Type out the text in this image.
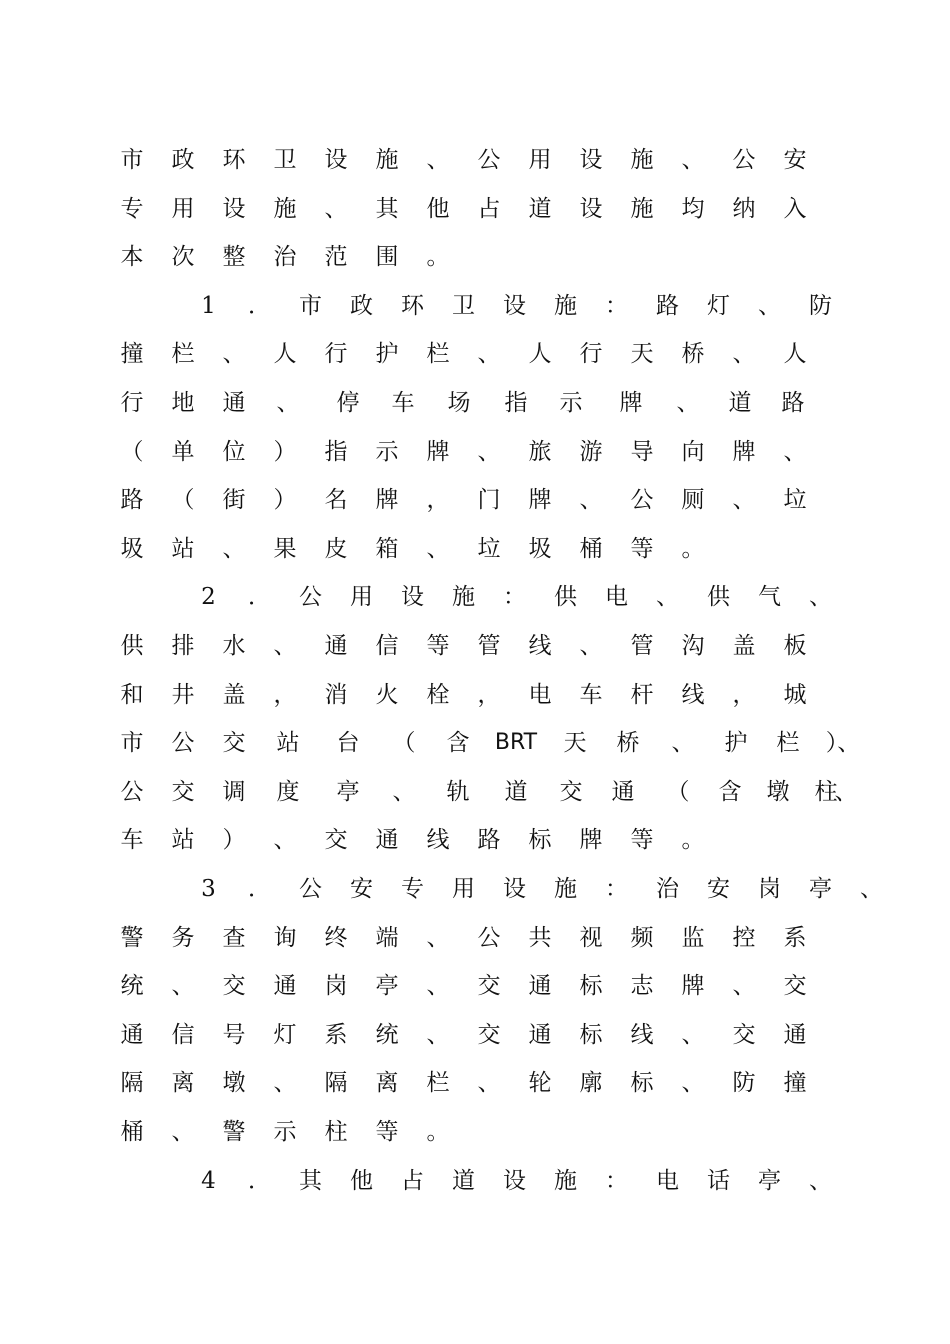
市 政 环 卫 设 施 、 公 用 设 施 、 公 安
专 用 设 施 、 其 他 占 道 设 施 均 纳 入
本 次 整 治 范 围 。
1	． 市 政 环 卫 设 施 ： 路 灯 、 防
撞 栏 、 人 行 护 栏 、 人 行 天 桥 、 人
行 地 通 、 停 车 场 指 示 牌 、 道 路
（ 单 位 ） 指 示 牌 、 旅 游 导 向 牌 、
路 （ 街 ） 名 牌 ， 门 牌 、 公 厕 、 垃
圾 站 、 果 皮 箱 、 垃 圾 桶 等 。
2	． 公 用 设 施 ： 供 电 、 供 气 、
供 排 水 、 通 信 等 管 线 、 管 沟 盖 板
和 井 盖 ， 消 火 栓 ， 电 车 杆 线 ， 城
市 公 交 站 台 （ 含	BRT	天 桥 、 护 栏 ）、
公 交 调 度 亭 、 轨 道 交 通 （ 含 墩 柱
、
车 站 ） 、 交 通 线 路 标 牌 等 。
3	． 公 安 专 用 设 施 ： 治 安 岗 亭 、
警 务 查 询 终 端 、 公 共 视 频 监 控 系
统 、 交 通 岗 亭 、 交 通 标 志 牌 、 交
通 信 号 灯 系 统 、 交 通 标 线 、 交 通
隔 离 墩 、 隔 离 栏 、 轮 廓 标 、 防 撞
桶 、 警 示 柱 等 。
4	． 其 他 占 道 设 施 ： 电 话 亭 、
